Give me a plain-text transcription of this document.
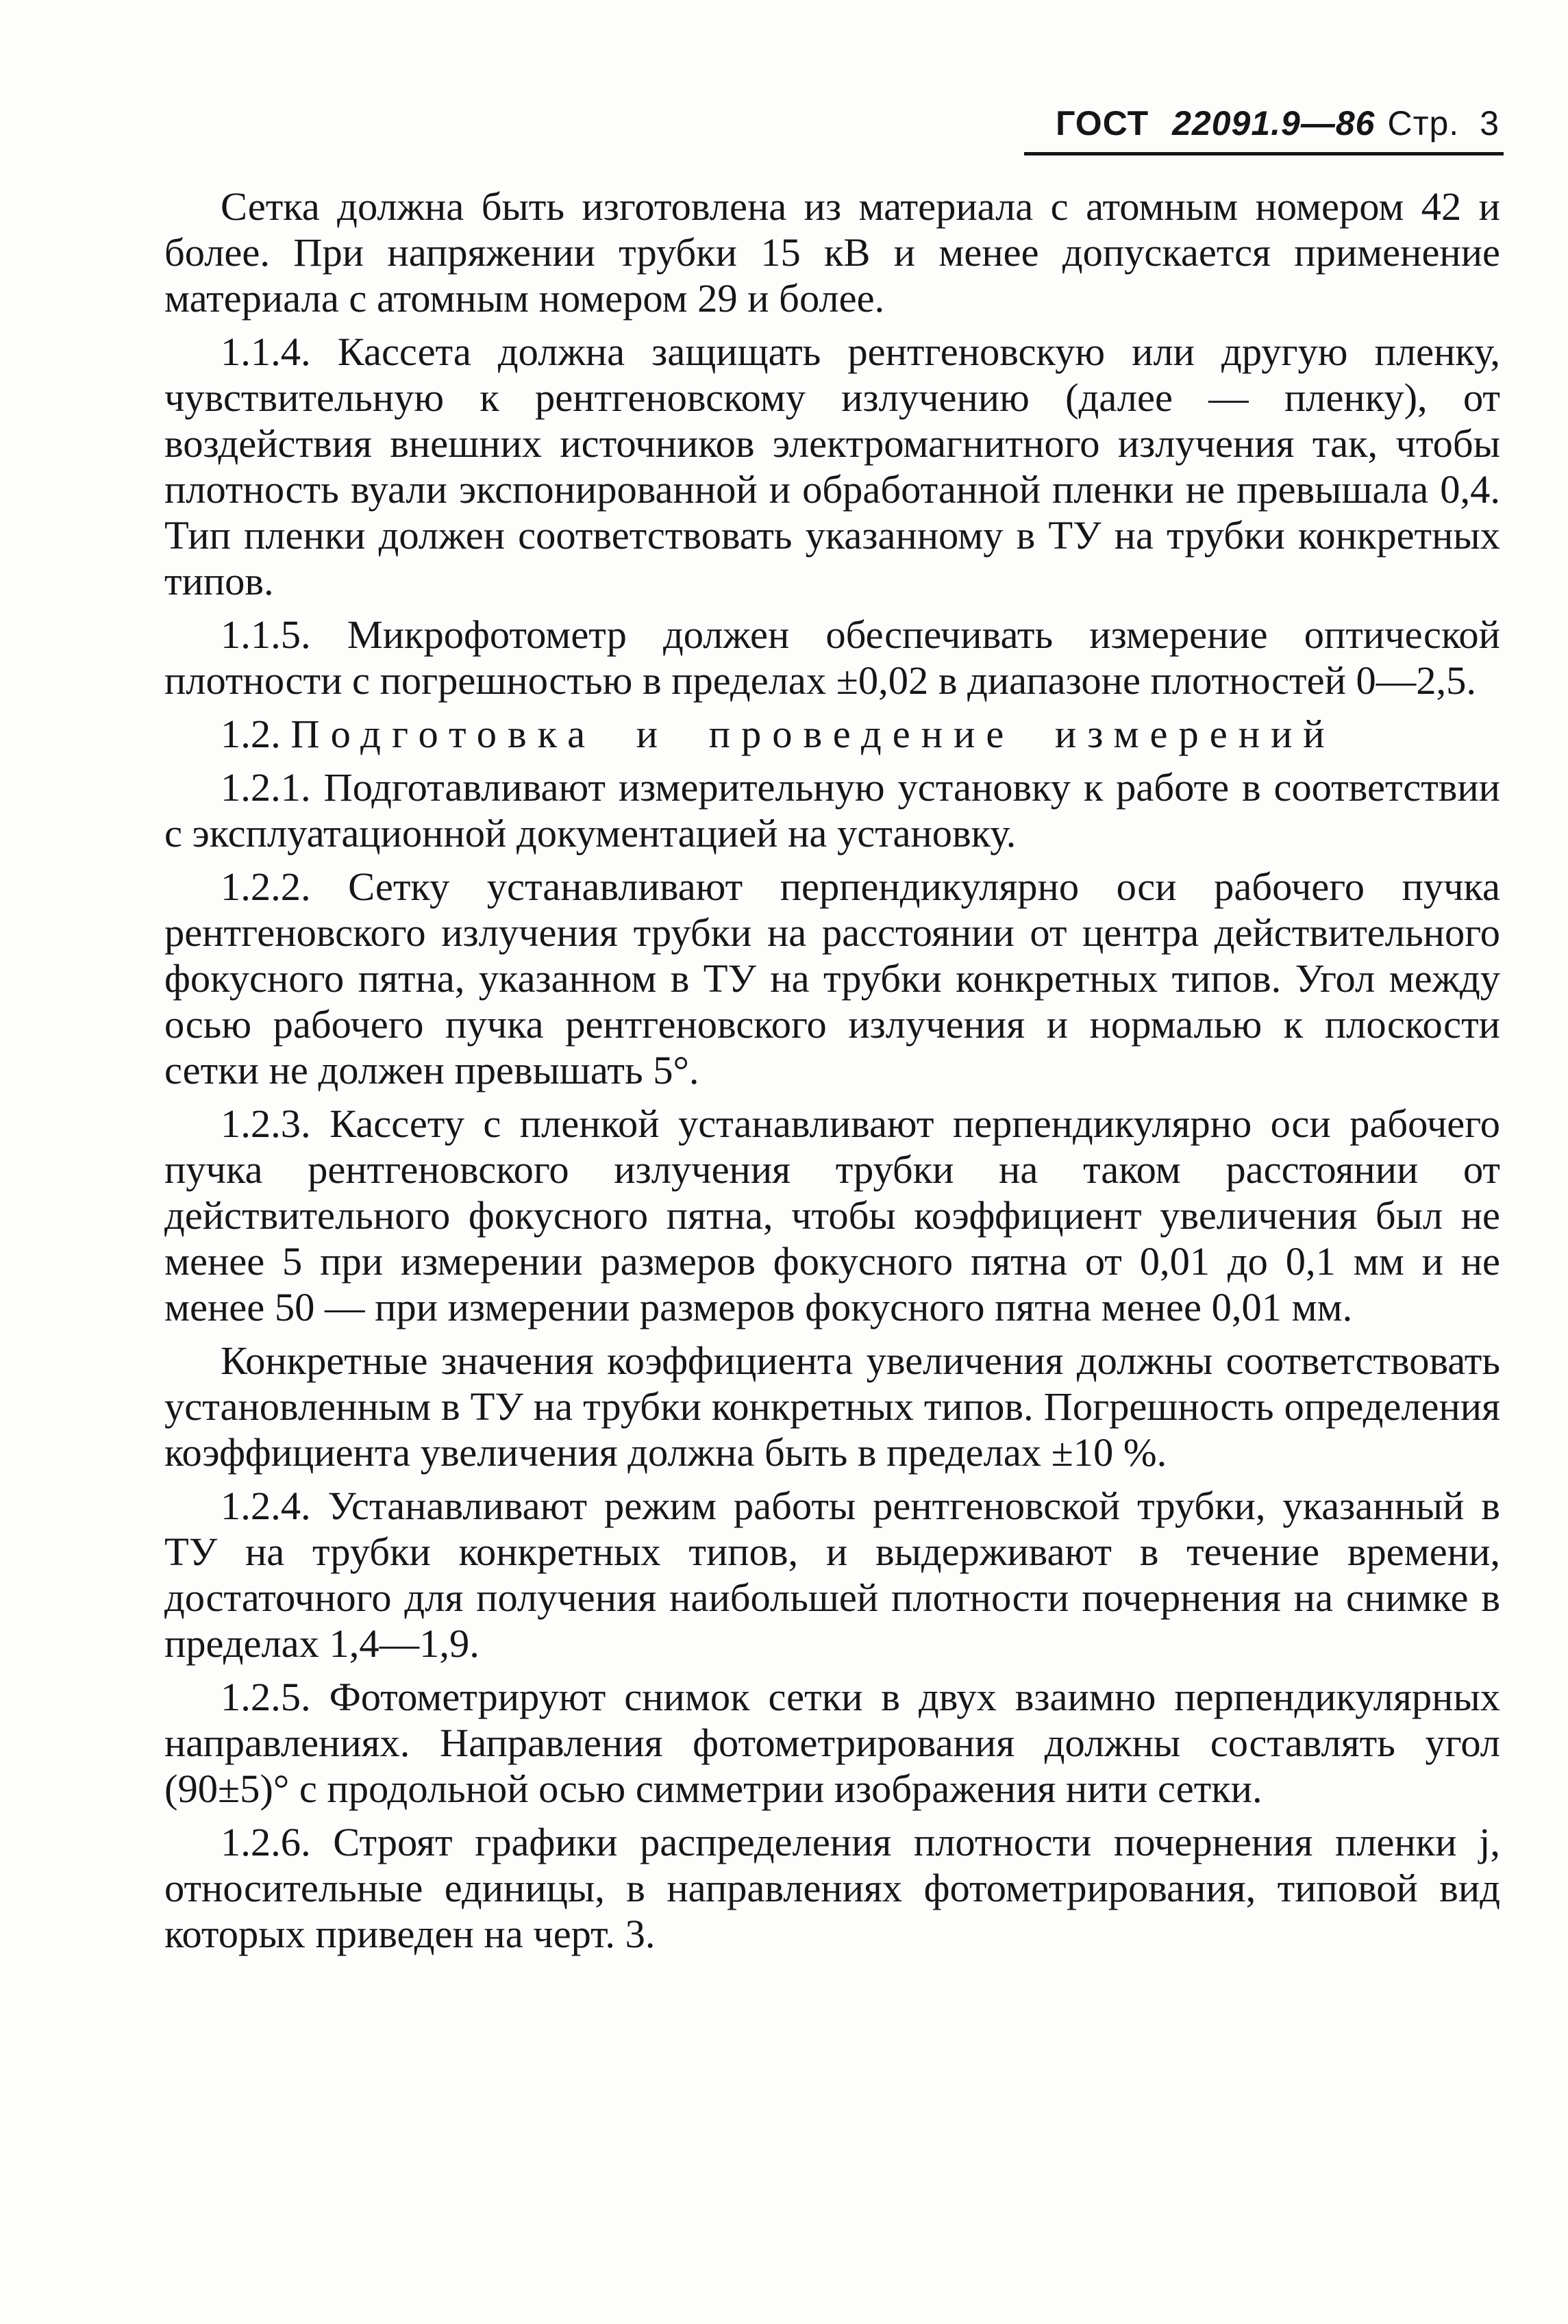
ГОСТ 22091.9—86 Стр. 3

Сетка должна быть изготовлена из материала с атомным номером 42 и более. При напряжении трубки 15 кВ и менее допускается применение материала с атомным номером 29 и более.

1.1.4. Кассета должна защищать рентгеновскую или другую пленку, чувствительную к рентгеновскому излучению (далее — пленку), от воздействия внешних источников электромагнитного излучения так, чтобы плотность вуали экспонированной и обработанной пленки не превышала 0,4. Тип пленки должен соответствовать указанному в ТУ на трубки конкретных типов.

1.1.5. Микрофотометр должен обеспечивать измерение оптической плотности с погрешностью в пределах ±0,02 в диапазоне плотностей 0—2,5.

1.2. Подготовка и проведение измерений

1.2.1. Подготавливают измерительную установку к работе в соответствии с эксплуатационной документацией на установку.

1.2.2. Сетку устанавливают перпендикулярно оси рабочего пучка рентгеновского излучения трубки на расстоянии от центра действительного фокусного пятна, указанном в ТУ на трубки конкретных типов. Угол между осью рабочего пучка рентгеновского излучения и нормалью к плоскости сетки не должен превышать 5°.

1.2.3. Кассету с пленкой устанавливают перпендикулярно оси рабочего пучка рентгеновского излучения трубки на таком расстоянии от действительного фокусного пятна, чтобы коэффициент увеличения был не менее 5 при измерении размеров фокусного пятна от 0,01 до 0,1 мм и не менее 50 — при измерении размеров фокусного пятна менее 0,01 мм.

Конкретные значения коэффициента увеличения должны соответствовать установленным в ТУ на трубки конкретных типов. Погрешность определения коэффициента увеличения должна быть в пределах ±10 %.

1.2.4. Устанавливают режим работы рентгеновской трубки, указанный в ТУ на трубки конкретных типов, и выдерживают в течение времени, достаточного для получения наибольшей плотности почернения на снимке в пределах 1,4—1,9.

1.2.5. Фотометрируют снимок сетки в двух взаимно перпендикулярных направлениях. Направления фотометрирования должны составлять угол (90±5)° с продольной осью симметрии изображения нити сетки.

1.2.6. Строят графики распределения плотности почернения пленки j, относительные единицы, в направлениях фотометрирования, типовой вид которых приведен на черт. 3.
